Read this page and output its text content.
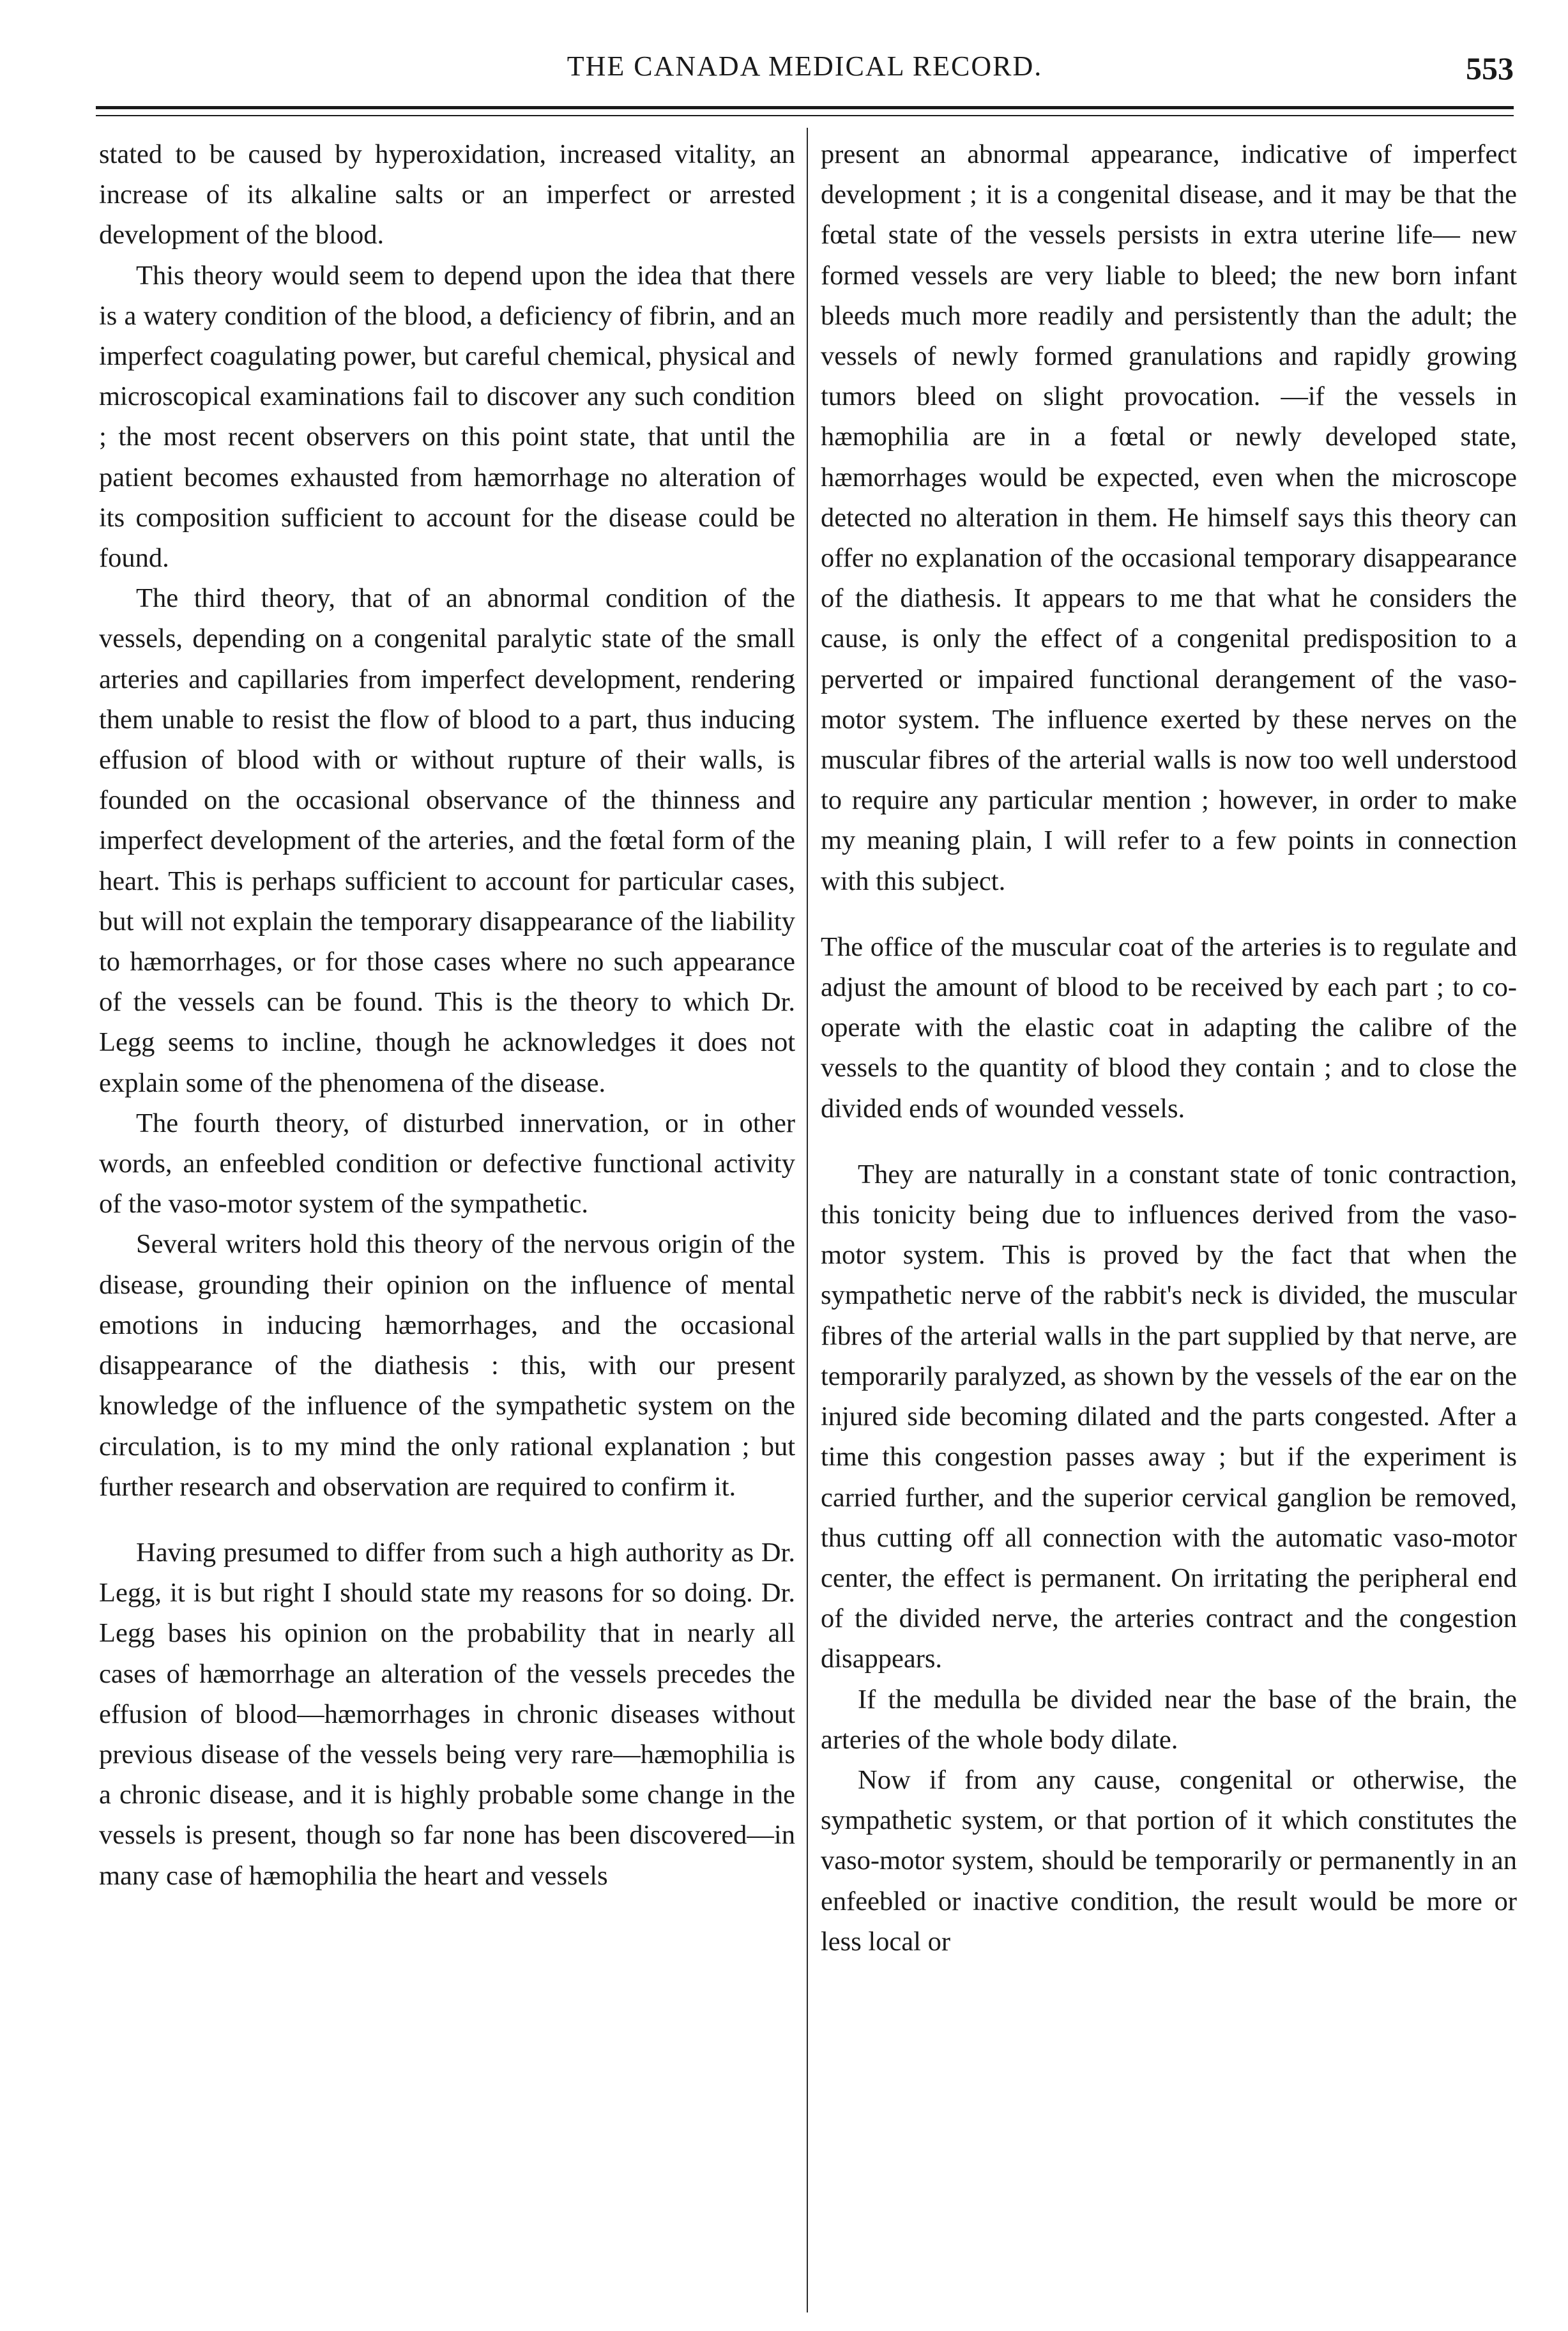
THE CANADA MEDICAL RECORD.	553

stated to be caused by hyperoxidation, increased vitality, an increase of its alkaline salts or an imperfect or arrested development of the blood.

This theory would seem to depend upon the idea that there is a watery condition of the blood, a deficiency of fibrin, and an imperfect coagulating power, but careful chemical, physical and microscopical examinations fail to discover any such condition ; the most recent observers on this point state, that until the patient becomes exhausted from hæmorrhage no alteration of its composition sufficient to account for the disease could be found.

The third theory, that of an abnormal condition of the vessels, depending on a congenital paralytic state of the small arteries and capillaries from imperfect development, rendering them unable to resist the flow of blood to a part, thus inducing effusion of blood with or without rupture of their walls, is founded on the occasional observance of the thinness and imperfect development of the arteries, and the fœtal form of the heart. This is perhaps sufficient to account for particular cases, but will not explain the temporary disappearance of the liability to hæmorrhages, or for those cases where no such appearance of the vessels can be found. This is the theory to which Dr. Legg seems to incline, though he acknowledges it does not explain some of the phenomena of the disease.

The fourth theory, of disturbed innervation, or in other words, an enfeebled condition or defective functional activity of the vaso-motor system of the sympathetic.

Several writers hold this theory of the nervous origin of the disease, grounding their opinion on the influence of mental emotions in inducing hæmorrhages, and the occasional disappearance of the diathesis : this, with our present knowledge of the influence of the sympathetic system on the circulation, is to my mind the only rational explanation ; but further research and observation are required to confirm it.

Having presumed to differ from such a high authority as Dr. Legg, it is but right I should state my reasons for so doing. Dr. Legg bases his opinion on the probability that in nearly all cases of hæmorrhage an alteration of the vessels precedes the effusion of blood—hæmorrhages in chronic diseases without previous disease of the vessels being very rare—hæmophilia is a chronic disease, and it is highly probable some change in the vessels is present, though so far none has been discovered—in many case of hæmophilia the heart and vessels

present an abnormal appearance, indicative of imperfect development ; it is a congenital disease, and it may be that the fœtal state of the vessels persists in extra uterine life— new formed vessels are very liable to bleed; the new born infant bleeds much more readily and persistently than the adult; the vessels of newly formed granulations and rapidly growing tumors bleed on slight provocation. —if the vessels in hæmophilia are in a fœtal or newly developed state, hæmorrhages would be expected, even when the microscope detected no alteration in them. He himself says this theory can offer no explanation of the occasional temporary disappearance of the diathesis. It appears to me that what he considers the cause, is only the effect of a congenital predisposition to a perverted or impaired functional derangement of the vaso-motor system. The influence exerted by these nerves on the muscular fibres of the arterial walls is now too well understood to require any particular mention ; however, in order to make my meaning plain, I will refer to a few points in connection with this subject.

The office of the muscular coat of the arteries is to regulate and adjust the amount of blood to be received by each part ; to co-operate with the elastic coat in adapting the calibre of the vessels to the quantity of blood they contain ; and to close the divided ends of wounded vessels.

They are naturally in a constant state of tonic contraction, this tonicity being due to influences derived from the vaso-motor system. This is proved by the fact that when the sympathetic nerve of the rabbit's neck is divided, the muscular fibres of the arterial walls in the part supplied by that nerve, are temporarily paralyzed, as shown by the vessels of the ear on the injured side becoming dilated and the parts congested. After a time this congestion passes away ; but if the experiment is carried further, and the superior cervical ganglion be removed, thus cutting off all connection with the automatic vaso-motor center, the effect is permanent. On irritating the peripheral end of the divided nerve, the arteries contract and the congestion disappears.

If the medulla be divided near the base of the brain, the arteries of the whole body dilate.

Now if from any cause, congenital or otherwise, the sympathetic system, or that portion of it which constitutes the vaso-motor system, should be temporarily or permanently in an enfeebled or inactive condition, the result would be more or less local or
